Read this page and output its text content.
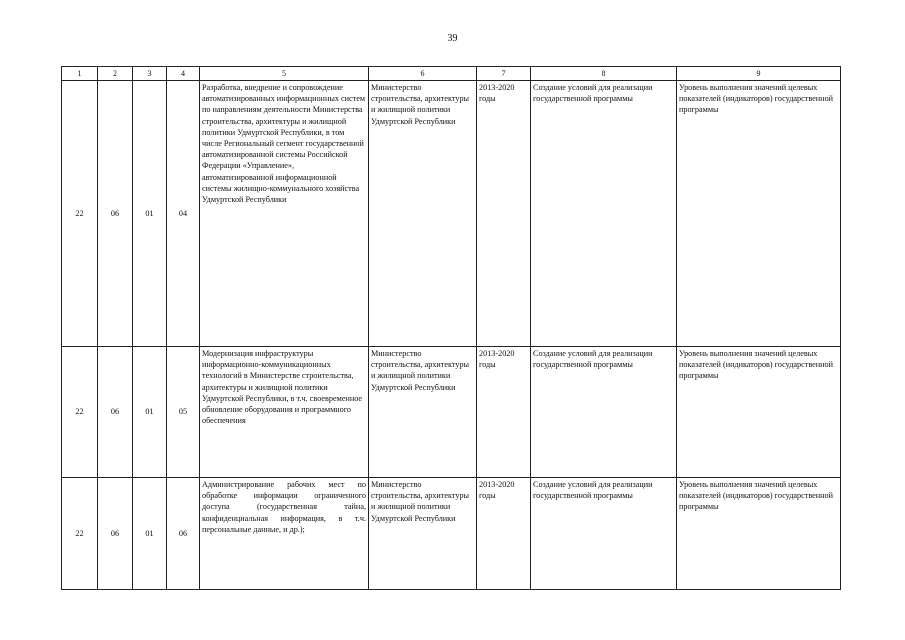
39
1	2	3	4	5	6	7	8	9
22	06	01	04	Разработка, внедрение и сопровождение автоматизированных информационных систем по направлениям деятельности Министерства строительства, архитектуры и жилищной политики Удмуртской Республики, в том числе Региональный сегмент государственной автоматизированной системы Российской Федерации «Управление», автоматизированной информационной системы жилищно-коммунального хозяйства Удмуртской Республики	Министерство строительства, архитектуры и жилищной политики Удмуртской Республики	2013-2020 годы	Создание условий для реализации государственной программы	Уровень выполнения значений целевых показателей (индикаторов) государственной программы
22	06	01	05	Модернизация инфраструктуры информационно-коммуникационных технологий в Министерстве строительства, архитектуры и жилищной политики Удмуртской Республики, в т.ч. своевременное обновление оборудования и программного обеспечения	Министерство строительства, архитектуры и жилищной политики Удмуртской Республики	2013-2020 годы	Создание условий для реализации государственной программы	Уровень выполнения значений целевых показателей (индикаторов) государственной программы
22	06	01	06	Администрирование рабочих мест по обработке информации ограниченного доступа (государственная тайна, конфиденциальная информация, в т.ч. персональные данные, и др.);	Министерство строительства, архитектуры и жилищной политики Удмуртской Республики	2013-2020 годы	Создание условий для реализации государственной программы	Уровень выполнения значений целевых показателей (индикаторов) государственной программы
